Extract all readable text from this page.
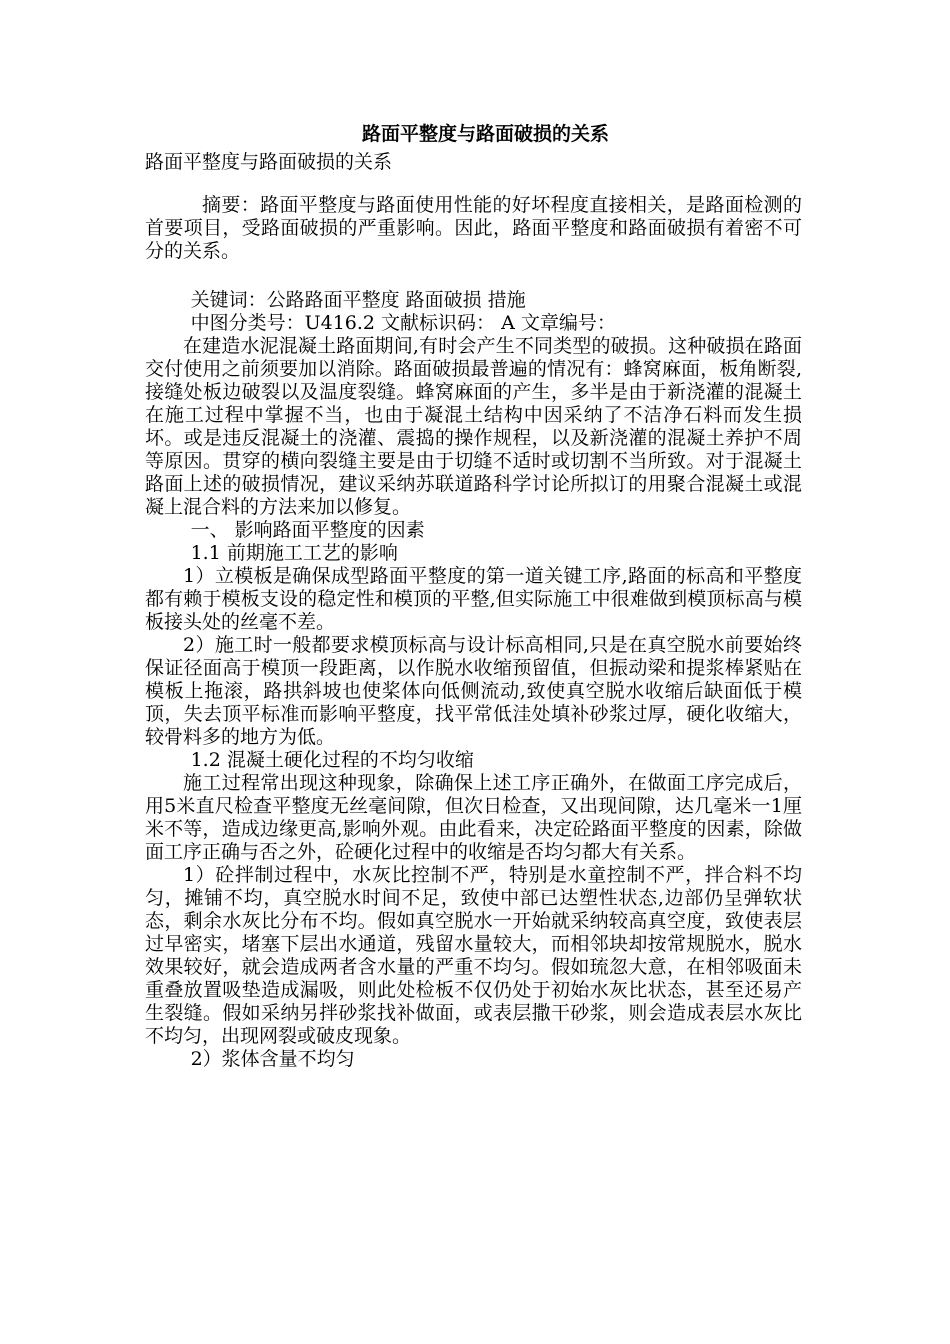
路面平整度与路面破损的关系

路面平整度与路面破损的关系

摘要：路面平整度与路面使用性能的好坏程度直接相关，是路面检测的首要项目，受路面破损的严重影响。因此，路面平整度和路面破损有着密不可分的关系。

关键词：公路路面平整度 路面破损 措施

中图分类号：U416.2 文献标识码： A 文章编号：

在建造水泥混凝土路面期间,有时会产生不同类型的破损。这种破损在路面交付使用之前须要加以消除。路面破损最普遍的情况有：蜂窝麻面，板角断裂,接缝处板边破裂以及温度裂缝。蜂窝麻面的产生，多半是由于新浇灌的混凝土在施工过程中掌握不当，也由于凝混土结构中因采纳了不洁净石料而发生损坏。或是违反混凝土的浇灌、震捣的操作规程，以及新浇灌的混凝土养护不周等原因。贯穿的横向裂缝主要是由于切缝不适时或切割不当所致。对于混凝土路面上述的破损情况，建议采纳苏联道路科学讨论所拟订的用聚合混凝土或混凝上混合料的方法来加以修复。

一、 影响路面平整度的因素

1.1 前期施工工艺的影响

1）立模板是确保成型路面平整度的第一道关键工序,路面的标高和平整度都有赖于模板支设的稳定性和模顶的平整,但实际施工中很难做到模顶标高与模板接头处的丝毫不差。

2）施工时一般都要求模顶标高与设计标高相同,只是在真空脱水前要始终保证径面高于模顶一段距离，以作脱水收缩预留值，但振动梁和提浆棒紧贴在模板上拖滚，路拱斜坡也使桨体向低侧流动,致使真空脱水收缩后缺面低于模顶，失去顶平标准而影响平整度，找平常低洼处填补砂浆过厚，硬化收缩大，较骨料多的地方为低。

1.2 混凝土硬化过程的不均匀收缩

施工过程常出现这种现象，除确保上述工序正确外，在做面工序完成后，用5米直尺检查平整度无丝毫间隙，但次日检查，又出现间隙，达几毫米一1厘米不等，造成边缘更高,影响外观。由此看来，决定砼路面平整度的因素，除做面工序正确与否之外，砼硬化过程中的收缩是否均匀都大有关系。

1）砼拌制过程中，水灰比控制不严，特别是水童控制不严，拌合料不均匀，摊铺不均，真空脱水时间不足，致使中部已达塑性状态,边部仍呈弹软状态，剩余水灰比分布不均。假如真空脱水一开始就采纳较高真空度，致使表层过早密实，堵塞下层出水通道，残留水量较大，而相邻块却按常规脱水，脱水效果较好，就会造成两者含水量的严重不均匀。假如琉忽大意，在相邻吸面未重叠放置吸垫造成漏吸，则此处检板不仅仍处于初始水灰比状态，甚至还易产生裂缝。假如采纳另拌砂浆找补做面，或表层撒干砂浆，则会造成表层水灰比不均匀，出现网裂或破皮现象。

2）浆体含量不均匀
